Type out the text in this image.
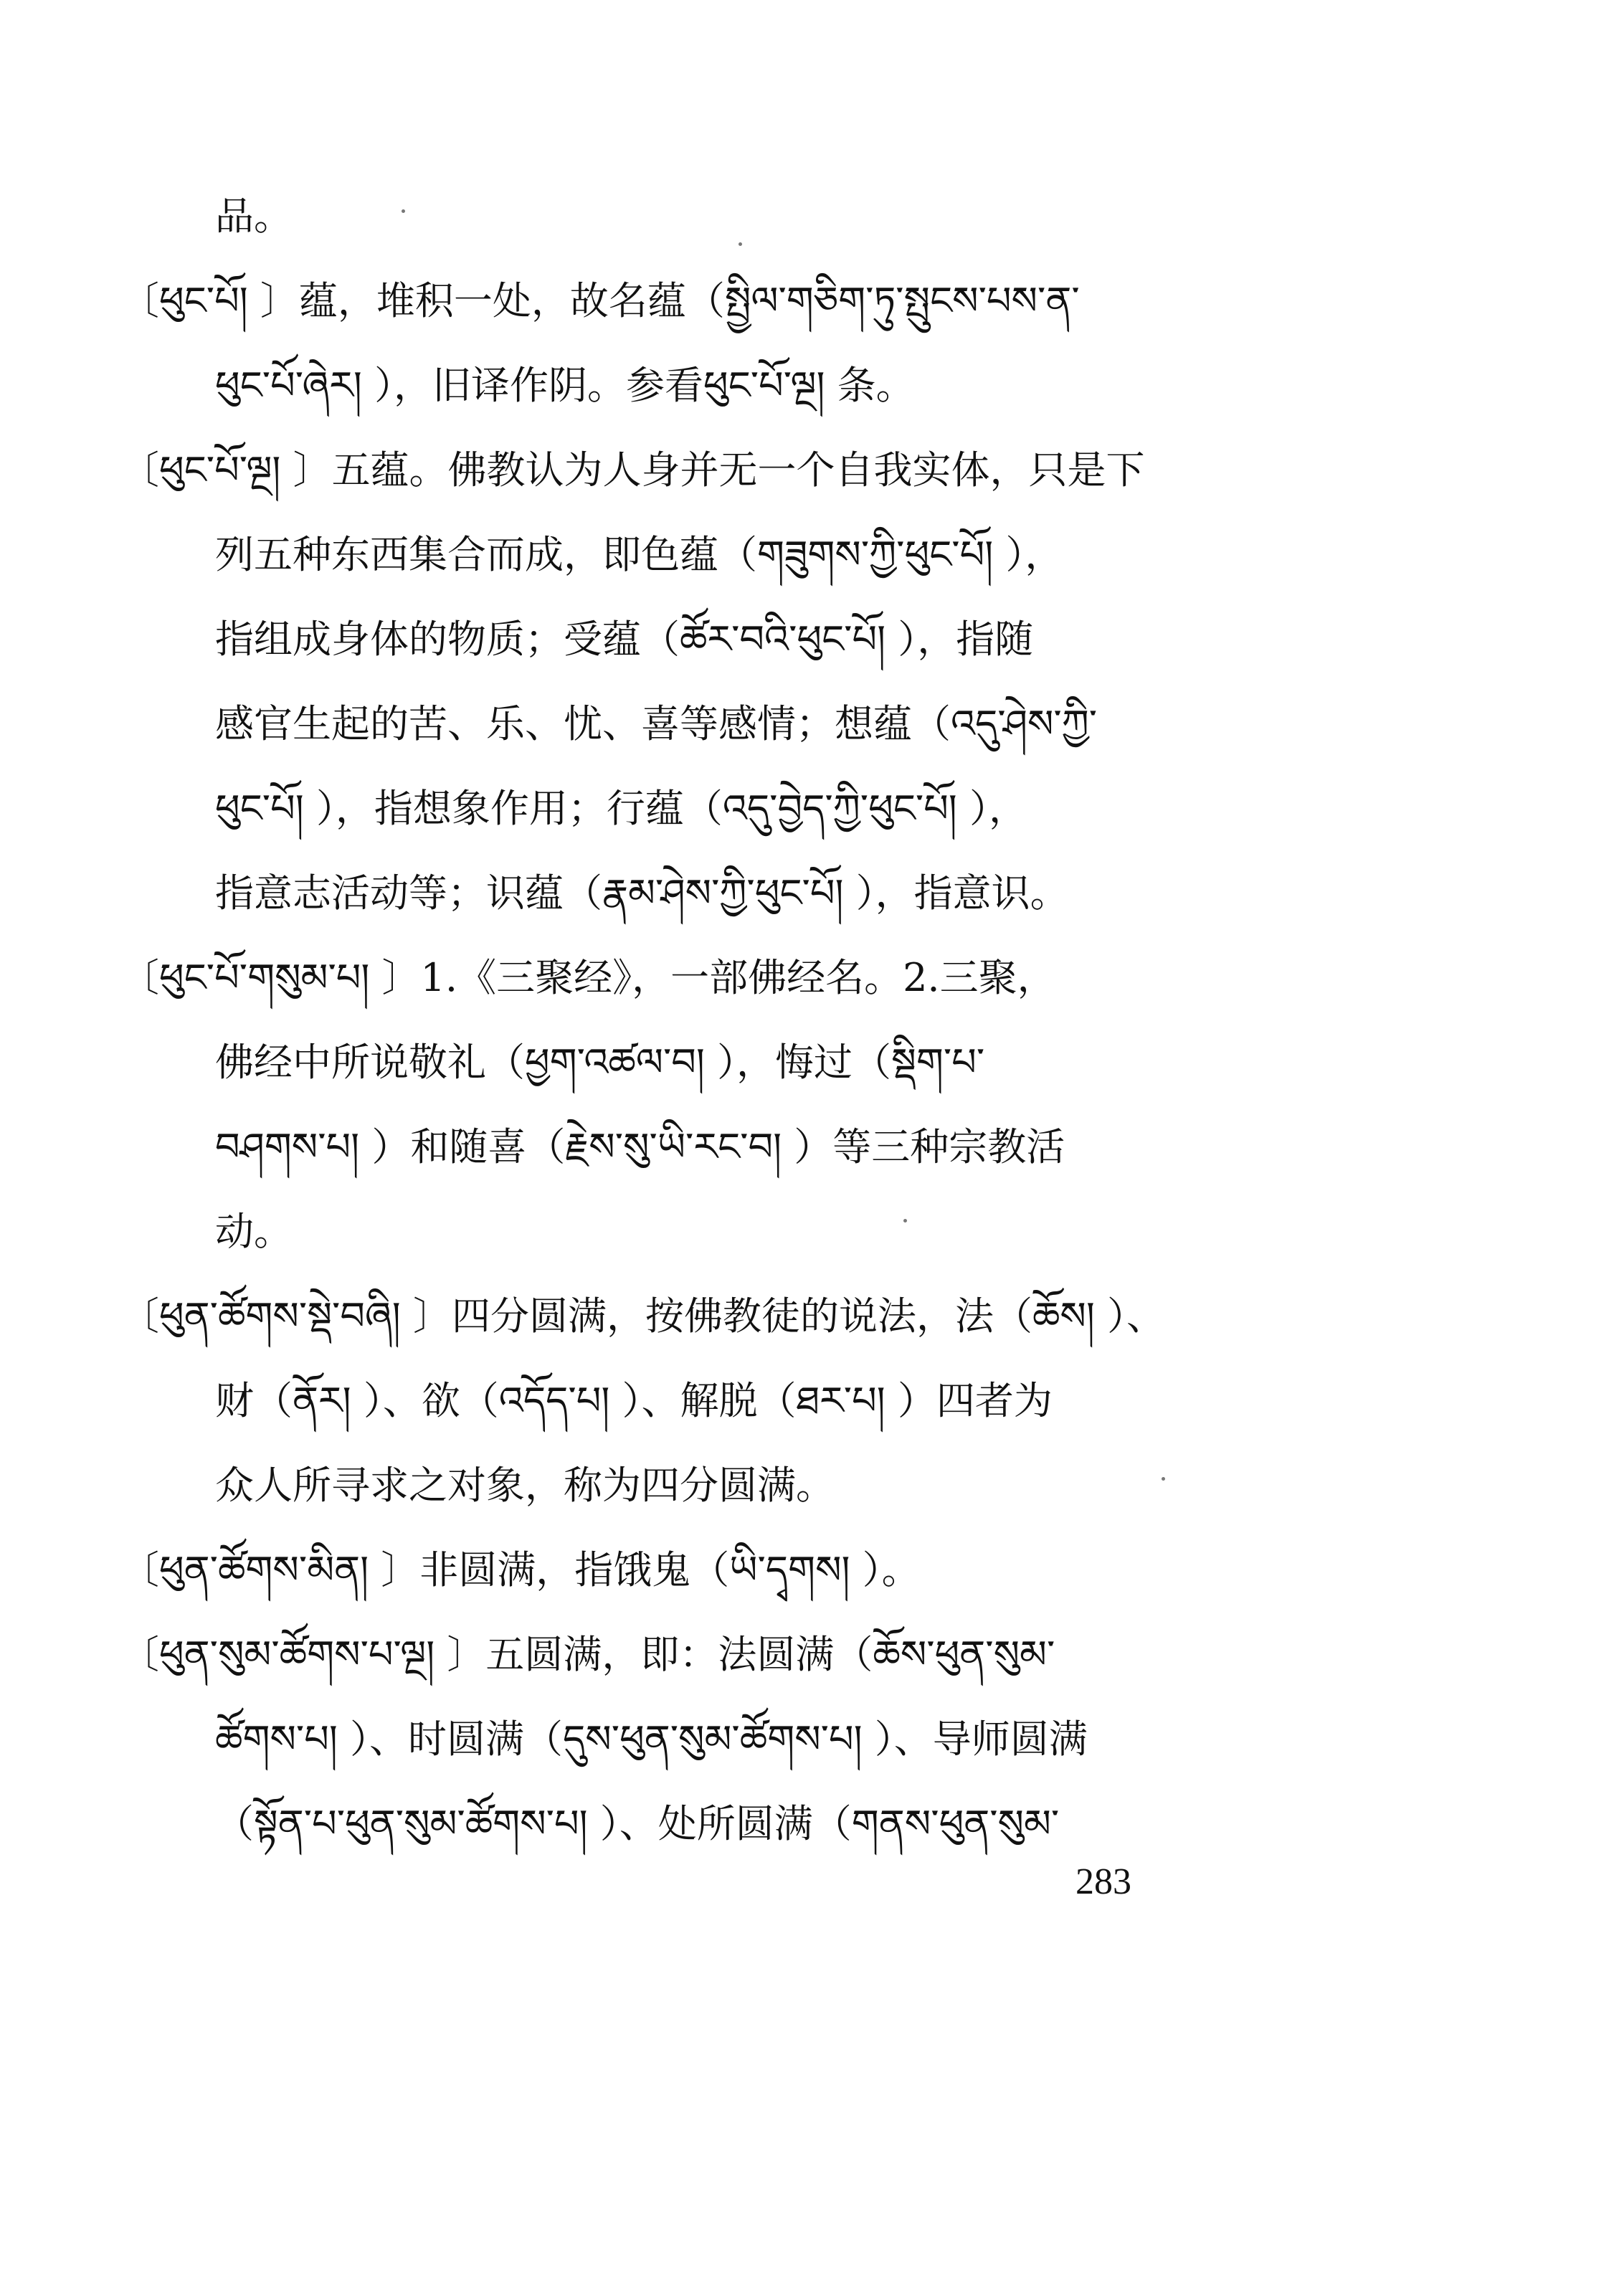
品。
〔ཕུང་པོ། 〕蕴，堆积一处，故名蕴（སྤྱིལ་གཅིག་ཏུ་སྤུངས་པས་ན་
ཕུང་པོ་ཞེར། ），旧译作阴。参看ཕུང་པོ་ལྔ། 条。
〔ཕུང་པོ་ལྔ། 〕五蕴。佛教认为人身并无一个自我实体，只是下
列五种东西集合而成，即色蕴（གཟུགས་ཀྱི་ཕུང་པོ། ），
指组成身体的物质；受蕴（ཚོར་བའི་ཕུང་པོ། ），指随
感官生起的苦、乐、忧、喜等感情；想蕴（འདུ་ཤེས་ཀྱི་
ཕུང་པོ། ），指想象作用；行蕴（འདུ་བྱེད་ཀྱི་ཕུང་པོ། ），
指意志活动等；识蕴（རྣམ་ཤེས་ཀྱི་ཕུང་པོ། ），指意识。
〔ཕུང་པོ་གསུམ་པ། 〕1.《三聚经》，一部佛经名。2.三聚，
佛经中所说敬礼（ཕྱག་འཚལ་བ། ），悔过（སྡིག་པ་
བཤགས་པ། ）和随喜（རྗེས་སུ་ཡི་རང་བ། ）等三种宗教活
动。
〔ཕུན་ཚོགས་སྡེ་བཞི། 〕四分圆满，按佛教徒的说法，法（ཆོས། ）、
财（ནོར། ）、欲（འདོད་པ། ）、解脱（ཐར་པ། ）四者为
众人所寻求之对象，称为四分圆满。
〔ཕུན་ཚོགས་མིན། 〕非圆满，指饿鬼（ཡི་དྭགས། ）。
〔ཕུན་སུམ་ཚོགས་པ་ལྔ། 〕五圆满，即：法圆满（ཆོས་ཕུན་སུམ་
ཚོགས་པ། ）、时圆满（དུས་ཕུན་སུམ་ཚོགས་པ། ）、导师圆满
（སྟོན་པ་ཕུན་སུམ་ཚོགས་པ། ）、处所圆满（གནས་ཕུན་སུམ་
283
